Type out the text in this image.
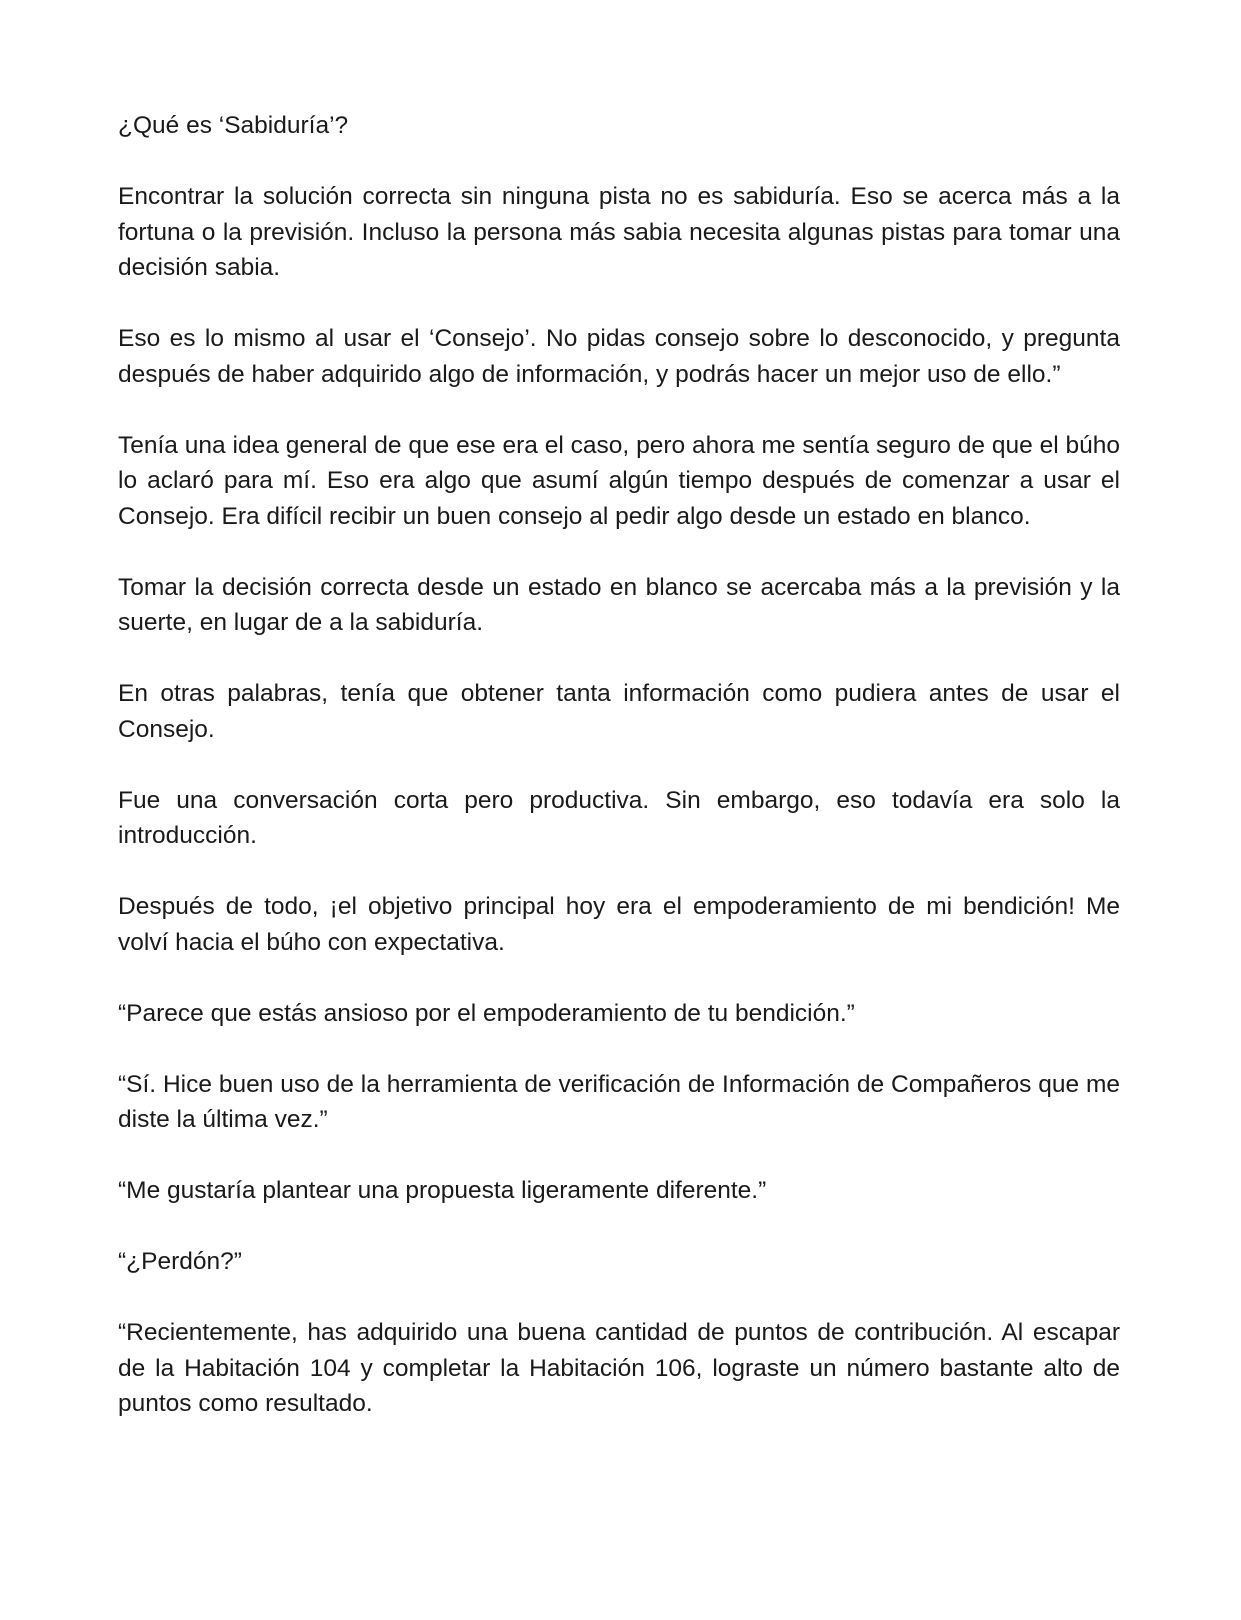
¿Qué es ‘Sabiduría’?

Encontrar la solución correcta sin ninguna pista no es sabiduría. Eso se acerca más a la fortuna o la previsión. Incluso la persona más sabia necesita algunas pistas para tomar una decisión sabia.

Eso es lo mismo al usar el ‘Consejo’. No pidas consejo sobre lo desconocido, y pregunta después de haber adquirido algo de información, y podrás hacer un mejor uso de ello.”

Tenía una idea general de que ese era el caso, pero ahora me sentía seguro de que el búho lo aclaró para mí. Eso era algo que asumí algún tiempo después de comenzar a usar el Consejo. Era difícil recibir un buen consejo al pedir algo desde un estado en blanco.

Tomar la decisión correcta desde un estado en blanco se acercaba más a la previsión y la suerte, en lugar de a la sabiduría.

En otras palabras, tenía que obtener tanta información como pudiera antes de usar el Consejo.

Fue una conversación corta pero productiva. Sin embargo, eso todavía era solo la introducción.

Después de todo, ¡el objetivo principal hoy era el empoderamiento de mi bendición! Me volví hacia el búho con expectativa.

“Parece que estás ansioso por el empoderamiento de tu bendición.”

“Sí. Hice buen uso de la herramienta de verificación de Información de Compañeros que me diste la última vez.”

“Me gustaría plantear una propuesta ligeramente diferente.”

“¿Perdón?”

“Recientemente, has adquirido una buena cantidad de puntos de contribución. Al escapar de la Habitación 104 y completar la Habitación 106, lograste un número bastante alto de puntos como resultado.
